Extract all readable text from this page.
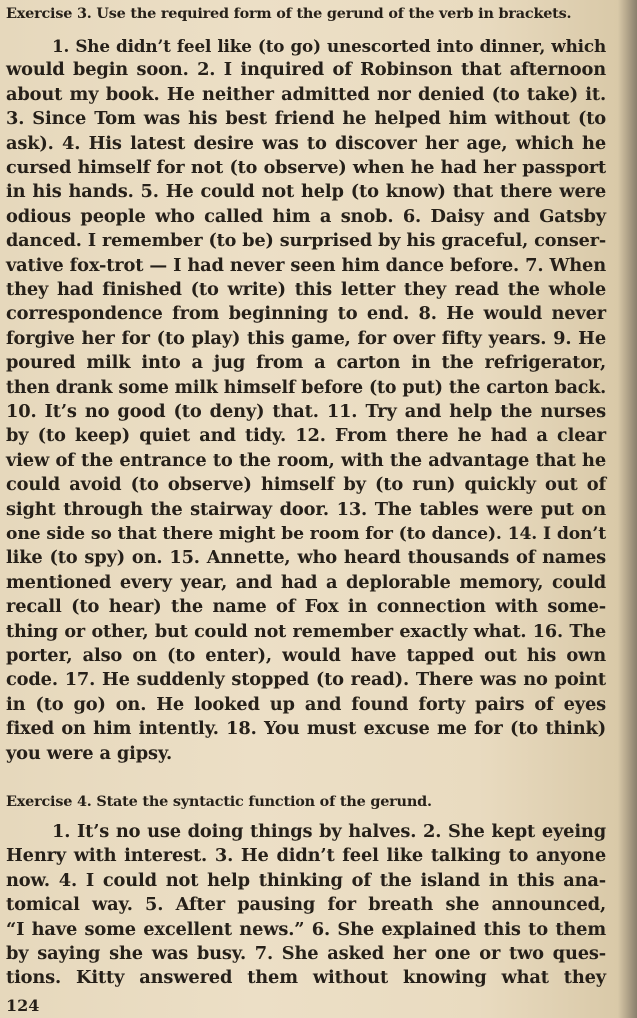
Exercise 3. Use the required form of the gerund of the verb in brackets.
1. She didn’t feel like (to go) unescorted into dinner, which
would begin soon. 2. I inquired of Robinson that afternoon
about my book. He neither admitted nor denied (to take) it.
3. Since Tom was his best friend he helped him without (to
ask). 4. His latest desire was to discover her age, which he
cursed himself for not (to observe) when he had her passport
in his hands. 5. He could not help (to know) that there were
odious people who called him a snob. 6. Daisy and Gatsby
danced. I remember (to be) surprised by his graceful, conser-
vative fox-trot — I had never seen him dance before. 7. When
they had finished (to write) this letter they read the whole
correspondence from beginning to end. 8. He would never
forgive her for (to play) this game, for over fifty years. 9. He
poured milk into a jug from a carton in the refrigerator,
then drank some milk himself before (to put) the carton back.
10. It’s no good (to deny) that. 11. Try and help the nurses
by (to keep) quiet and tidy. 12. From there he had a clear
view of the entrance to the room, with the advantage that he
could avoid (to observe) himself by (to run) quickly out of
sight through the stairway door. 13. The tables were put on
one side so that there might be room for (to dance). 14. I don’t
like (to spy) on. 15. Annette, who heard thousands of names
mentioned every year, and had a deplorable memory, could
recall (to hear) the name of Fox in connection with some-
thing or other, but could not remember exactly what. 16. The
porter, also on (to enter), would have tapped out his own
code. 17. He suddenly stopped (to read). There was no point
in (to go) on. He looked up and found forty pairs of eyes
fixed on him intently. 18. You must excuse me for (to think)
you were a gipsy.
Exercise 4. State the syntactic function of the gerund.
1. It’s no use doing things by halves. 2. She kept eyeing
Henry with interest. 3. He didn’t feel like talking to anyone
now. 4. I could not help thinking of the island in this ana-
tomical way. 5. After pausing for breath she announced,
“I have some excellent news.” 6. She explained this to them
by saying she was busy. 7. She asked her one or two ques-
tions. Kitty answered them without knowing what they
124
